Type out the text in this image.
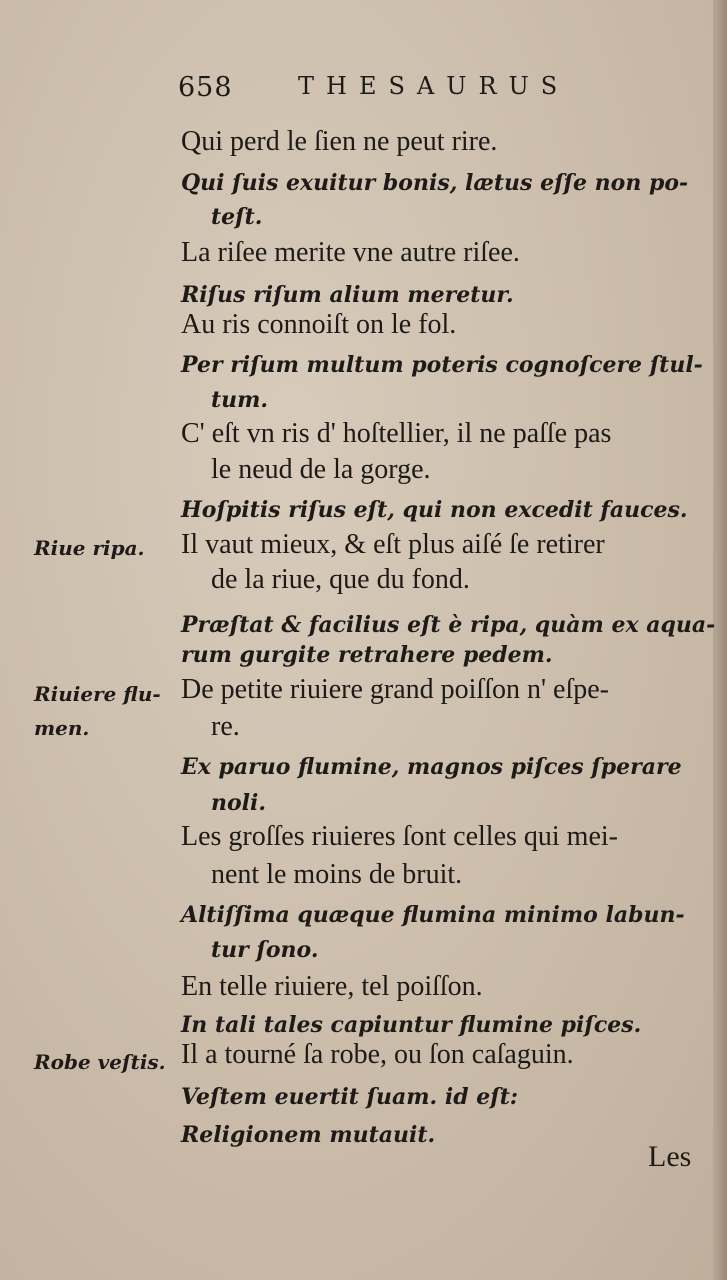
658	THESAURUS
Qui perd le ſien ne peut rire.
Qui ſuis exuitur bonis, lætus eſſe non po-
teſt.
La riſee merite vne autre riſee.
Riſus riſum alium meretur.
Au ris connoiſt on le fol.
Per riſum multum poteris cognoſcere ſtul-
tum.
C' eſt vn ris d' hoſtellier, il ne paſſe pas
le neud de la gorge.
Hoſpitis riſus eſt, qui non excedit fauces.
Il vaut mieux, & eſt plus aiſé ſe retirer
de la riue, que du fond.
Præſtat & facilius eſt è ripa, quàm ex aqua-
rum gurgite retrahere pedem.
De petite riuiere grand poiſſon n' eſpe-
re.
Ex paruo flumine, magnos piſces ſperare
noli.
Les groſſes riuieres ſont celles qui mei-
nent le moins de bruit.
Altiſſima quæque flumina minimo labun-
tur ſono.
En telle riuiere, tel poiſſon.
In tali tales capiuntur flumine piſces.
Il a tourné ſa robe, ou ſon caſaguin.
Veſtem euertit ſuam. id eſt:
Religionem mutauit.
Riue ripa.
Riuiere flu-
men.
Robe veſtis.
Les
